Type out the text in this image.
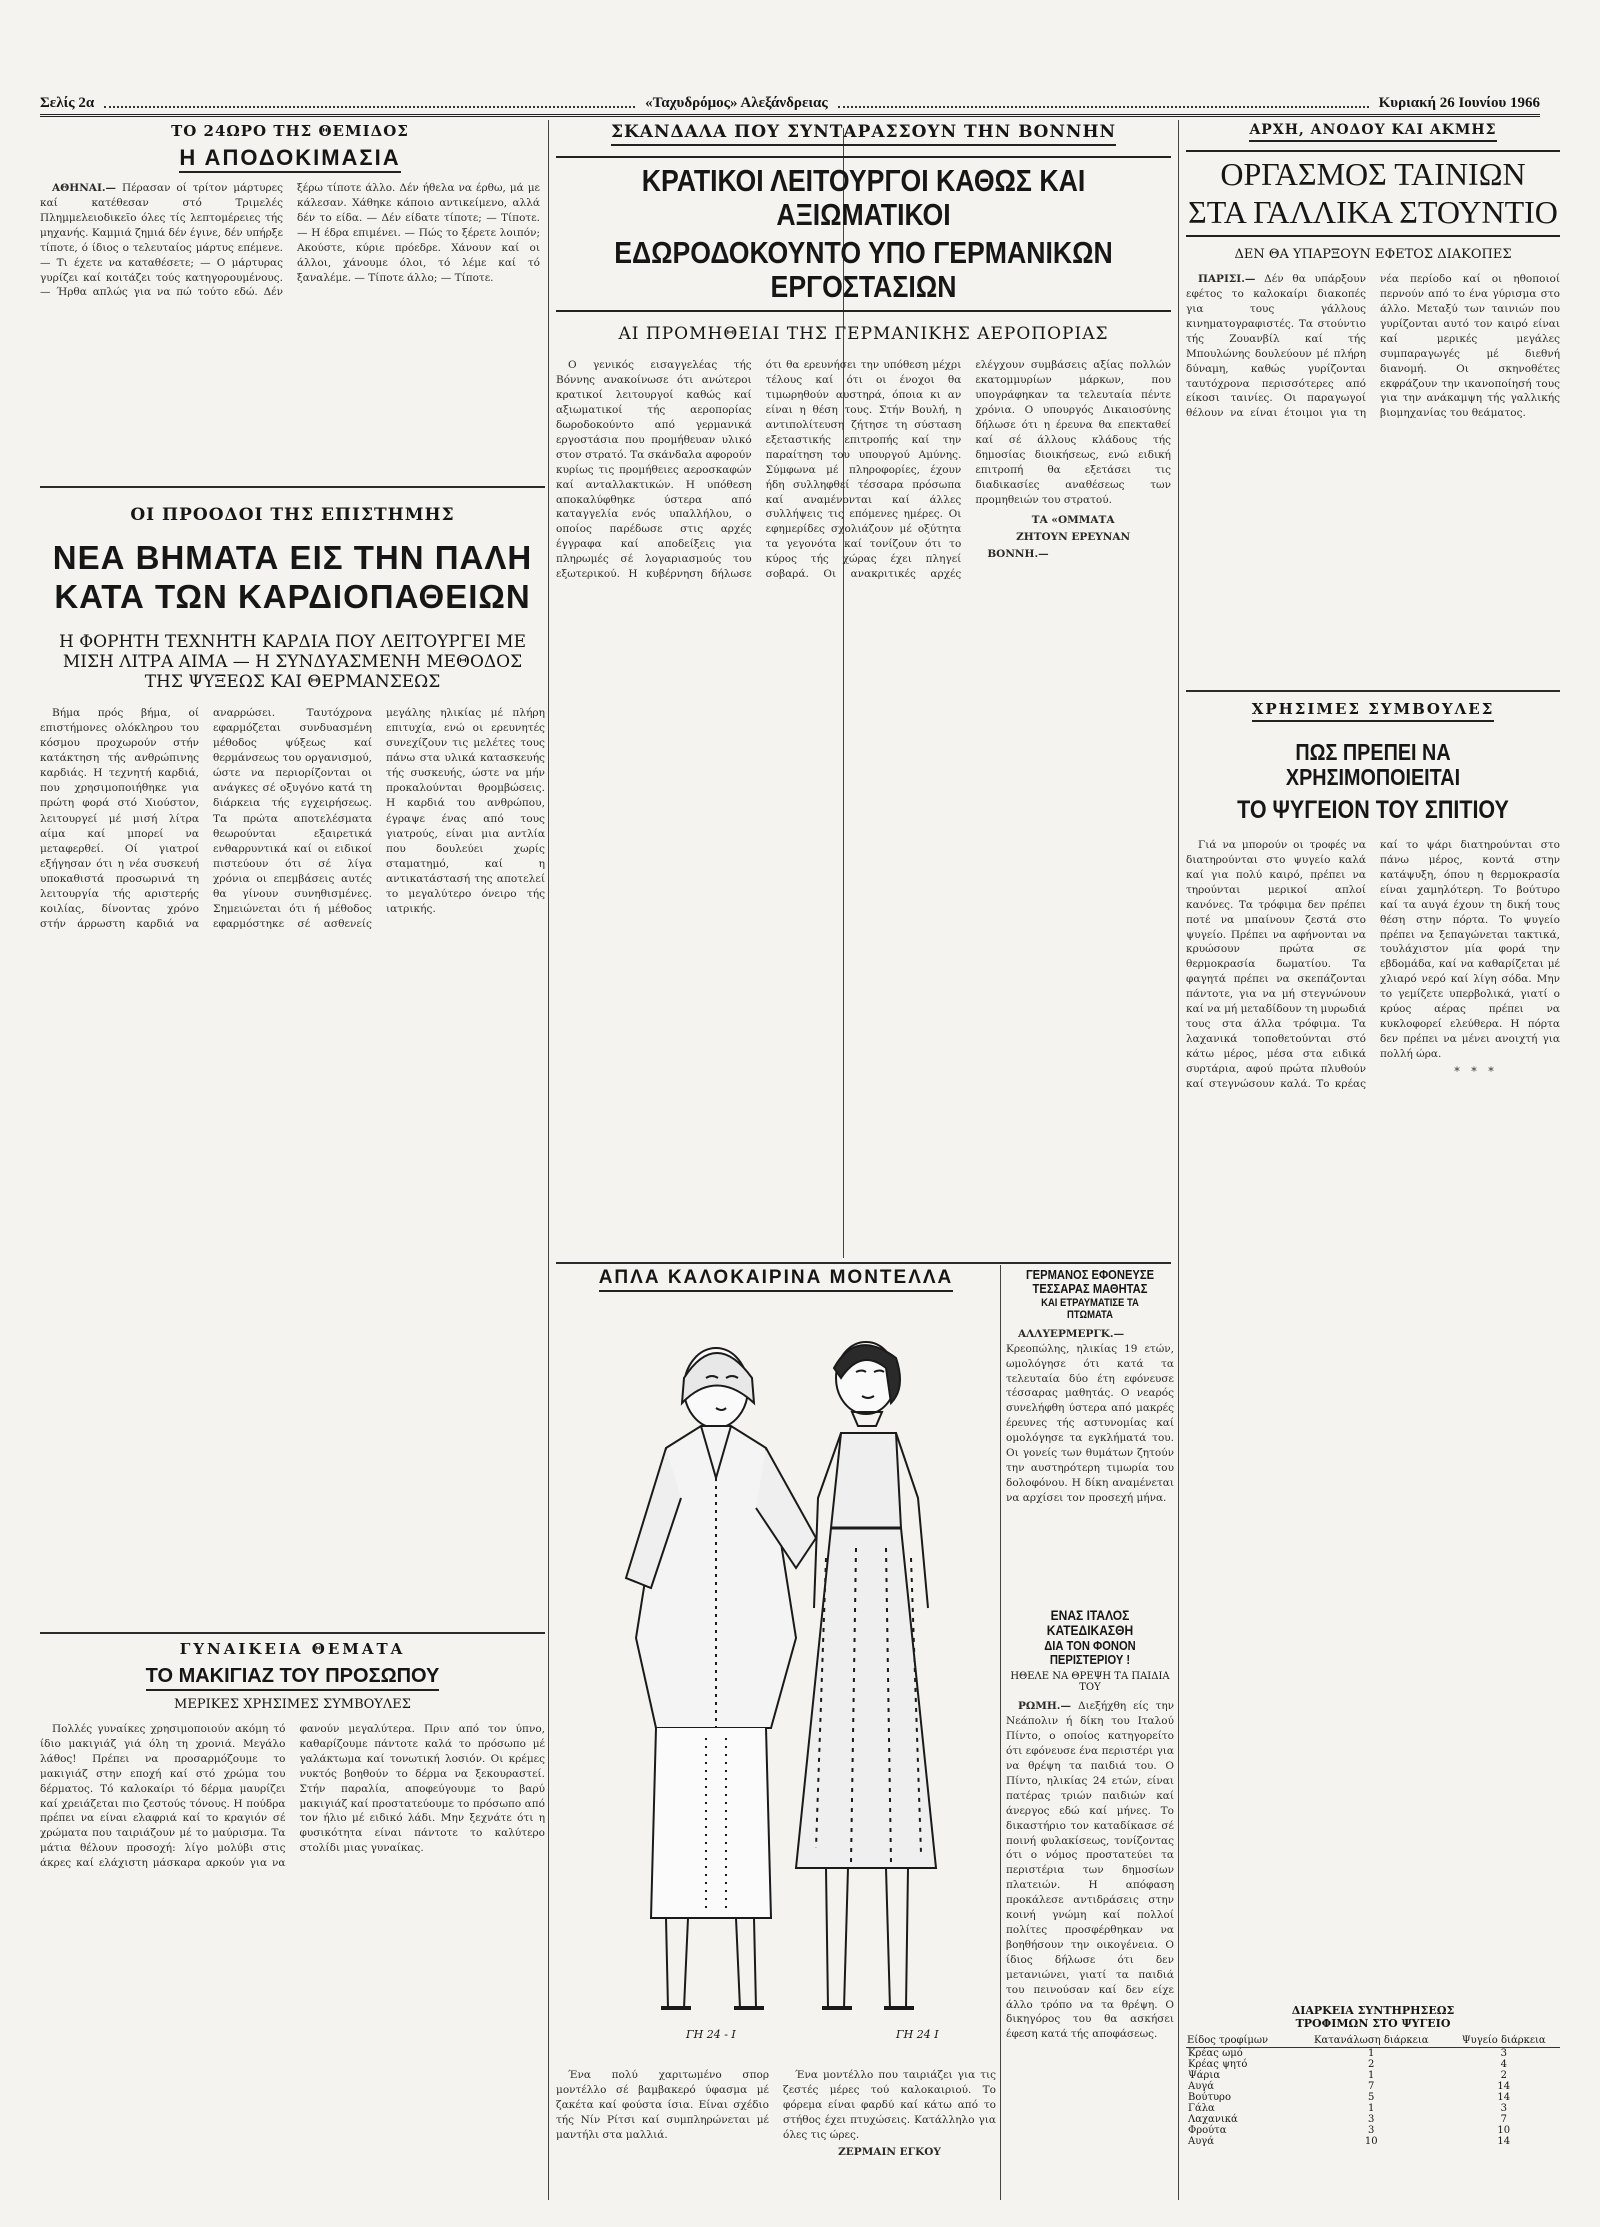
Σελίς 2α	«Ταχυδρόμος» Αλεξάνδρειας	Κυριακή 26 Ιουνίου 1966
ΤΟ 24ΩΡΟ ΤΗΣ ΘΕΜΙΔΟΣ
Η ΑΠΟΔΟΚΙΜΑΣΙΑ

ΑΘΗΝΑΙ.— Πέρασαν οί τρίτον μάρτυρες καί κατέθεσαν στό Τριμελές Πλημμελειοδικεῖο όλες τίς λεπτομέρειες τής μηχανής. Καμμιά ζημιά δέν έγινε, δέν υπήρξε τίποτε, ό ίδιος ο τελευταίος μάρτυς επέμενε. — Τι έχετε να καταθέσετε; — Ο μάρτυρας γυρίζει καί κοιτάζει τούς κατηγορουμένους. — Ήρθα απλώς για να πώ τούτο εδώ. Δέν ξέρω τίποτε άλλο. Δέν ήθελα να έρθω, μά με κάλεσαν. Χάθηκε κάποιο αντικείμενο, αλλά δέν το είδα. — Δέν είδατε τίποτε; — Τίποτε. — Η έδρα επιμένει. — Πώς το ξέρετε λοιπόν; Ακούστε, κύριε πρόεδρε. Χάνουν καί οι άλλοι, χάνουμε όλοι, τό λέμε καί τό ξαναλέμε. — Τίποτε άλλο; — Τίποτε.

ΟΙ ΠΡΟΟΔΟΙ ΤΗΣ ΕΠΙΣΤΗΜΗΣ
ΝΕΑ ΒΗΜΑΤΑ ΕΙΣ ΤΗΝ ΠΑΛΗ
ΚΑΤΑ ΤΩΝ ΚΑΡΔΙΟΠΑΘΕΙΩΝ
Η ΦΟΡΗΤΗ ΤΕΧΝΗΤΗ ΚΑΡΔΙΑ ΠΟΥ ΛΕΙΤΟΥΡΓΕΙ ΜΕ
ΜΙΣΗ ΛΙΤΡΑ ΑΙΜΑ — Η ΣΥΝΔΥΑΣΜΕΝΗ ΜΕΘΟΔΟΣ
ΤΗΣ ΨΥΞΕΩΣ ΚΑΙ ΘΕΡΜΑΝΣΕΩΣ

Βήμα πρός βήμα, οί επιστήμονες ολόκληρου του κόσμου προχωρούν στήν κατάκτηση τής ανθρώπινης καρδιάς. Η τεχνητή καρδιά, που χρησιμοποιήθηκε για πρώτη φορά στό Χιούστον, λειτουργεί μέ μισή λίτρα αίμα καί μπορεί να μεταφερθεί. Οί γιατροί εξήγησαν ότι η νέα συσκευή υποκαθιστά προσωρινά τη λειτουργία τής αριστερής κοιλίας, δίνοντας χρόνο στήν άρρωστη καρδιά να αναρρώσει. Ταυτόχρονα εφαρμόζεται συνδυασμένη μέθοδος ψύξεως καί θερμάνσεως του οργανισμού, ώστε να περιορίζονται οι ανάγκες σέ οξυγόνο κατά τη διάρκεια τής εγχειρήσεως. Τα πρώτα αποτελέσματα θεωρούνται εξαιρετικά ενθαρρυντικά καί οι ειδικοί πιστεύουν ότι σέ λίγα χρόνια οι επεμβάσεις αυτές θα γίνουν συνηθισμένες. Σημειώνεται ότι ή μέθοδος εφαρμόστηκε σέ ασθενείς μεγάλης ηλικίας μέ πλήρη επιτυχία, ενώ οι ερευνητές συνεχίζουν τις μελέτες τους πάνω στα υλικά κατασκευής τής συσκευής, ώστε να μήν προκαλούνται θρομβώσεις. Η καρδιά του ανθρώπου, έγραψε ένας από τους γιατρούς, είναι μια αντλία που δουλεύει χωρίς σταματημό, καί η αντικατάστασή της αποτελεί το μεγαλύτερο όνειρο τής ιατρικής.

ΓΥΝΑΙΚΕΙΑ ΘΕΜΑΤΑ
ΤΟ ΜΑΚΙΓΙΑΖ ΤΟΥ ΠΡΟΣΩΠΟΥ
ΜΕΡΙΚΕΣ ΧΡΗΣΙΜΕΣ ΣΥΜΒΟΥΛΕΣ

Πολλές γυναίκες χρησιμοποιούν ακόμη τό ίδιο μακιγιάζ γιά όλη τη χρονιά. Μεγάλο λάθος! Πρέπει να προσαρμόζουμε το μακιγιάζ στην εποχή καί στό χρώμα του δέρματος. Τό καλοκαίρι τό δέρμα μαυρίζει καί χρειάζεται πιο ζεστούς τόνους. Η πούδρα πρέπει να είναι ελαφριά καί το κραγιόν σέ χρώματα που ταιριάζουν μέ το μαύρισμα. Τα μάτια θέλουν προσοχή: λίγο μολύβι στις άκρες καί ελάχιστη μάσκαρα αρκούν για να φανούν μεγαλύτερα. Πριν από τον ύπνο, καθαρίζουμε πάντοτε καλά το πρόσωπο μέ γαλάκτωμα καί τονωτική λοσιόν. Οι κρέμες νυκτός βοηθούν το δέρμα να ξεκουραστεί. Στήν παραλία, αποφεύγουμε το βαρύ μακιγιάζ καί προστατεύουμε το πρόσωπο από τον ήλιο μέ ειδικό λάδι. Μην ξεχνάτε ότι η φυσικότητα είναι πάντοτε το καλύτερο στολίδι μιας γυναίκας.

ΣΚΑΝΔΑΛΑ ΠΟΥ ΣΥΝΤΑΡΑΣΣΟΥΝ ΤΗΝ ΒΟΝΝΗΝ
ΚΡΑΤΙΚΟΙ ΛΕΙΤΟΥΡΓΟΙ ΚΑΘΩΣ ΚΑΙ ΑΞΙΩΜΑΤΙΚΟΙ
ΕΔΩΡΟΔΟΚΟΥΝΤΟ ΥΠΟ ΓΕΡΜΑΝΙΚΩΝ ΕΡΓΟΣΤΑΣΙΩΝ
ΑΙ ΠΡΟΜΗΘΕΙΑΙ ΤΗΣ ΓΕΡΜΑΝΙΚΗΣ ΑΕΡΟΠΟΡΙΑΣ

Ο γενικός εισαγγελέας τής Βόννης ανακοίνωσε ότι ανώτεροι κρατικοί λειτουργοί καθώς καί αξιωματικοί τής αεροπορίας δωροδοκούντο από γερμανικά εργοστάσια που προμήθευαν υλικό στον στρατό. Τα σκάνδαλα αφορούν κυρίως τις προμήθειες αεροσκαφών καί ανταλλακτικών. Η υπόθεση αποκαλύφθηκε ύστερα από καταγγελία ενός υπαλλήλου, ο οποίος παρέδωσε στις αρχές έγγραφα καί αποδείξεις για πληρωμές σέ λογαριασμούς του εξωτερικού. Η κυβέρνηση δήλωσε ότι θα ερευνήσει την υπόθεση μέχρι τέλους καί ότι οι ένοχοι θα τιμωρηθούν αυστηρά, όποια κι αν είναι η θέση τους. Στήν Βουλή, η αντιπολίτευση ζήτησε τη σύσταση εξεταστικής επιτροπής καί την παραίτηση του υπουργού Αμύνης. Σύμφωνα μέ πληροφορίες, έχουν ήδη συλληφθεί τέσσαρα πρόσωπα καί αναμένονται καί άλλες συλλήψεις τις επόμενες ημέρες. Οι εφημερίδες σχολιάζουν μέ οξύτητα τα γεγονότα καί τονίζουν ότι το κύρος τής χώρας έχει πληγεί σοβαρά. Οι ανακριτικές αρχές ελέγχουν συμβάσεις αξίας πολλών εκατομμυρίων μάρκων, που υπογράφηκαν τα τελευταία πέντε χρόνια. Ο υπουργός Δικαιοσύνης δήλωσε ότι η έρευνα θα επεκταθεί καί σέ άλλους κλάδους τής δημοσίας διοικήσεως, ενώ ειδική επιτροπή θα εξετάσει τις διαδικασίες αναθέσεως των προμηθειών του στρατού.

ΤΑ «ΟΜΜΑΤΑ

ΖΗΤΟΥΝ ΕΡΕΥΝΑΝ

ΒΟΝΝΗ.—

ΑΠΛΑ ΚΑΛΟΚΑΙΡΙΝΑ ΜΟΝΤΕΛΛΑ
ΓΗ 24 - I	ΓΗ 24 I

Ένα πολύ χαριτωμένο σπορ μοντέλλο σέ βαμβακερό ύφασμα μέ ζακέτα καί φούστα ίσια. Είναι σχέδιο τής Νίν Ρίτσι καί συμπληρώνεται μέ μαντήλι στα μαλλιά.

Ένα μοντέλλο που ταιριάζει για τις ζεστές μέρες τού καλοκαιριού. Το φόρεμα είναι φαρδύ καί κάτω από το στήθος έχει πτυχώσεις. Κατάλληλο για όλες τις ώρες.

ΖΕΡΜΑΙΝ ΕΓΚΟΥ

ΓΕΡΜΑΝΟΣ ΕΦΟΝΕΥΣΕ
ΤΕΣΣΑΡΑΣ ΜΑΘΗΤΑΣ
ΚΑΙ ΕΤΡΑΥΜΑΤΙΣΕ ΤΑ ΠΤΩΜΑΤΑ

ΑΛΛΥΕΡΜΕΡΓΚ.— Κρεοπώλης, ηλικίας 19 ετών, ωμολόγησε ότι κατά τα τελευταία δύο έτη εφόνευσε τέσσαρας μαθητάς. Ο νεαρός συνελήφθη ύστερα από μακρές έρευνες τής αστυνομίας καί ομολόγησε τα εγκλήματά του. Οι γονείς των θυμάτων ζητούν την αυστηρότερη τιμωρία του δολοφόνου. Η δίκη αναμένεται να αρχίσει τον προσεχή μήνα.

ΕΝΑΣ ΙΤΑΛΟΣ ΚΑΤΕΔΙΚΑΣΘΗ
ΔΙΑ ΤΟΝ ΦΟΝΟΝ ΠΕΡΙΣΤΕΡΙΟΥ !
ΗΘΕΛΕ ΝΑ ΘΡΕΨΗ ΤΑ ΠΑΙΔΙΑ ΤΟΥ

ΡΩΜΗ.— Διεξήχθη είς την Νεάπολιν ή δίκη του Ιταλού Πίντο, ο οποίος κατηγορείτο ότι εφόνευσε ένα περιστέρι για να θρέψη τα παιδιά του. Ο Πίντο, ηλικίας 24 ετών, είναι πατέρας τριών παιδιών καί άνεργος εδώ καί μήνες. Το δικαστήριο τον καταδίκασε σέ ποινή φυλακίσεως, τονίζοντας ότι ο νόμος προστατεύει τα περιστέρια των δημοσίων πλατειών. Η απόφαση προκάλεσε αντιδράσεις στην κοινή γνώμη καί πολλοί πολίτες προσφέρθηκαν να βοηθήσουν την οικογένεια. Ο ίδιος δήλωσε ότι δεν μετανιώνει, γιατί τα παιδιά του πεινούσαν καί δεν είχε άλλο τρόπο να τα θρέψη. Ο δικηγόρος του θα ασκήσει έφεση κατά τής αποφάσεως.

ΑΡΧΗ, ΑΝΟΔΟΥ ΚΑΙ ΑΚΜΗΣ
ΟΡΓΑΣΜΟΣ ΤΑΙΝΙΩΝ
ΣΤΑ ΓΑΛΛΙΚΑ ΣΤΟΥΝΤΙΟ
ΔΕΝ ΘΑ ΥΠΑΡΞΟΥΝ ΕΦΕΤΟΣ ΔΙΑΚΟΠΕΣ

ΠΑΡΙΣΙ.— Δέν θα υπάρξουν εφέτος το καλοκαίρι διακοπές για τους γάλλους κινηματογραφιστές. Τα στούντιο τής Ζουανβίλ καί τής Μπουλώνης δουλεύουν μέ πλήρη δύναμη, καθώς γυρίζονται ταυτόχρονα περισσότερες από είκοσι ταινίες. Οι παραγωγοί θέλουν να είναι έτοιμοι για τη νέα περίοδο καί οι ηθοποιοί περνούν από το ένα γύρισμα στο άλλο. Μεταξύ των ταινιών που γυρίζονται αυτό τον καιρό είναι καί μερικές μεγάλες συμπαραγωγές μέ διεθνή διανομή. Οι σκηνοθέτες εκφράζουν την ικανοποίησή τους για την ανάκαμψη τής γαλλικής βιομηχανίας του θεάματος.

ΧΡΗΣΙΜΕΣ ΣΥΜΒΟΥΛΕΣ
ΠΩΣ ΠΡΕΠΕΙ ΝΑ ΧΡΗΣΙΜΟΠΟΙΕΙΤΑΙ
ΤΟ ΨΥΓΕΙΟΝ ΤΟΥ ΣΠΙΤΙΟΥ

Γιά να μπορούν οι τροφές να διατηρούνται στο ψυγείο καλά καί για πολύ καιρό, πρέπει να τηρούνται μερικοί απλοί κανόνες. Τα τρόφιμα δεν πρέπει ποτέ να μπαίνουν ζεστά στο ψυγείο. Πρέπει να αφήνονται να κρυώσουν πρώτα σε θερμοκρασία δωματίου. Τα φαγητά πρέπει να σκεπάζονται πάντοτε, για να μή στεγνώνουν καί να μή μεταδίδουν τη μυρωδιά τους στα άλλα τρόφιμα. Τα λαχανικά τοποθετούνται στό κάτω μέρος, μέσα στα ειδικά συρτάρια, αφού πρώτα πλυθούν καί στεγνώσουν καλά. Το κρέας καί το ψάρι διατηρούνται στο πάνω μέρος, κοντά στην κατάψυξη, όπου η θερμοκρασία είναι χαμηλότερη. Το βούτυρο καί τα αυγά έχουν τη δική τους θέση στην πόρτα. Το ψυγείο πρέπει να ξεπαγώνεται τακτικά, τουλάχιστον μία φορά την εβδομάδα, καί να καθαρίζεται μέ χλιαρό νερό καί λίγη σόδα. Μην το γεμίζετε υπερβολικά, γιατί ο κρύος αέρας πρέπει να κυκλοφορεί ελεύθερα. Η πόρτα δεν πρέπει να μένει ανοιχτή για πολλή ώρα.

* * *

ΔΙΑΡΚΕΙΑ ΣΥΝΤΗΡΗΣΕΩΣ
ΤΡΟΦΙΜΩΝ ΣΤΟ ΨΥΓΕΙΟ
Είδος τροφίμων	Κατανάλωση διάρκεια	Ψυγείο διάρκεια
Κρέας ωμό	1	3
Κρέας ψητό	2	4
Ψάρια	1	2
Αυγά	7	14
Βούτυρο	5	14
Γάλα	1	3
Λαχανικά	3	7
Φρούτα	3	10
Αυγά	10	14
